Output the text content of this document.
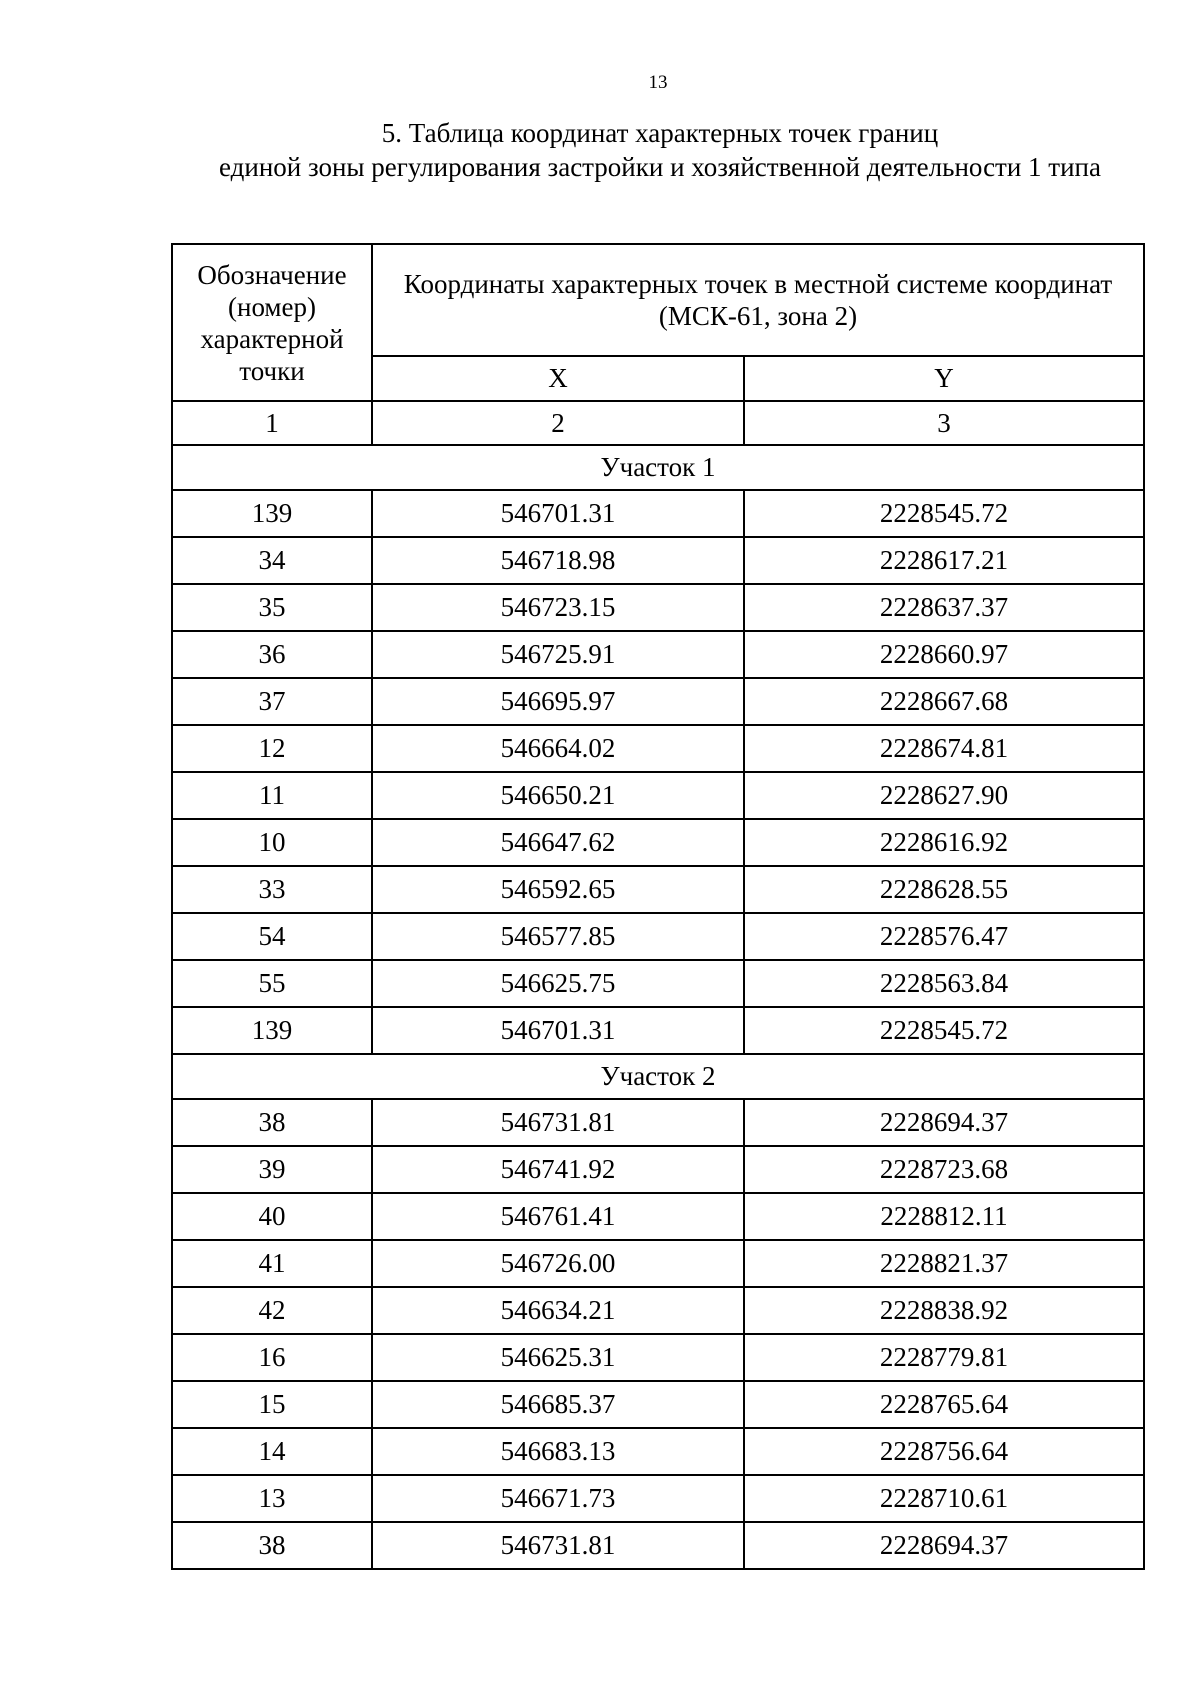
13
5. Таблица координат характерных точек границ
единой зоны регулирования застройки и хозяйственной деятельности 1 типа
Обозначение (номер) характерной точки	Координаты характерных точек в местной системе координат (МСК-61, зона 2)	
	X	Y
1	2	3
Участок 1		
139	546701.31	2228545.72
34	546718.98	2228617.21
35	546723.15	2228637.37
36	546725.91	2228660.97
37	546695.97	2228667.68
12	546664.02	2228674.81
11	546650.21	2228627.90
10	546647.62	2228616.92
33	546592.65	2228628.55
54	546577.85	2228576.47
55	546625.75	2228563.84
139	546701.31	2228545.72
Участок 2		
38	546731.81	2228694.37
39	546741.92	2228723.68
40	546761.41	2228812.11
41	546726.00	2228821.37
42	546634.21	2228838.92
16	546625.31	2228779.81
15	546685.37	2228765.64
14	546683.13	2228756.64
13	546671.73	2228710.61
38	546731.81	2228694.37
